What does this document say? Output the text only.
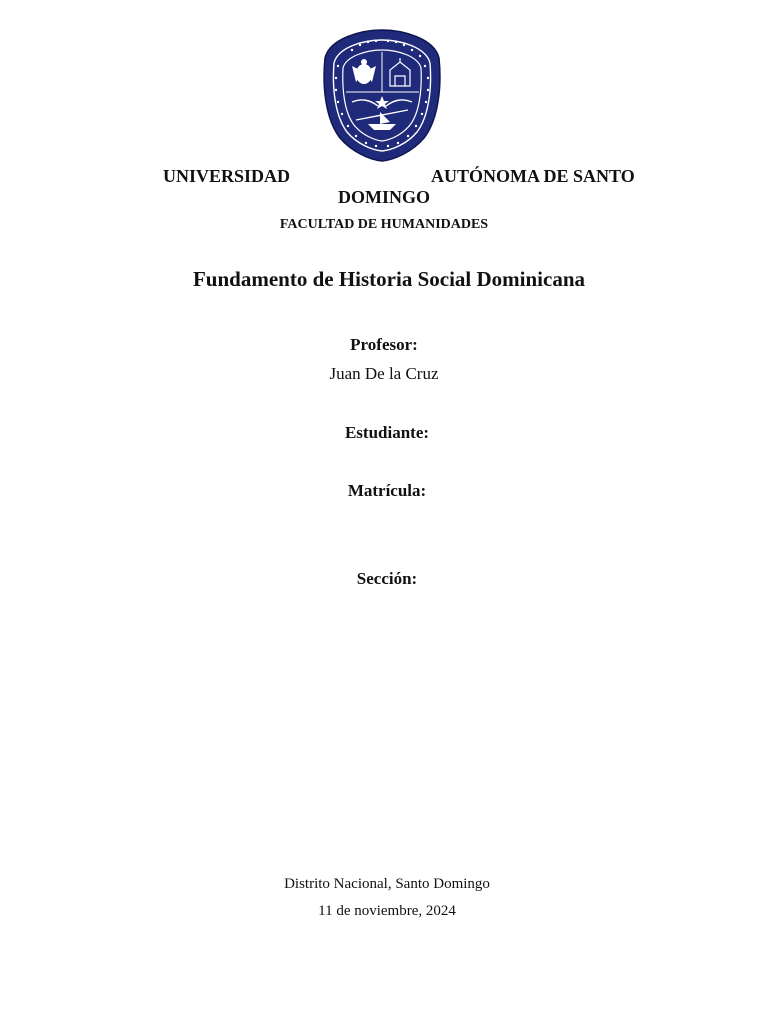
UNIVERSIDAD	AUTÓNOMA DE SANTO
DOMINGO
FACULTAD DE HUMANIDADES
Fundamento de Historia Social Dominicana
Profesor:
Juan De la Cruz
Estudiante:
Matrícula:
Sección:
Distrito Nacional, Santo Domingo
11 de noviembre, 2024
